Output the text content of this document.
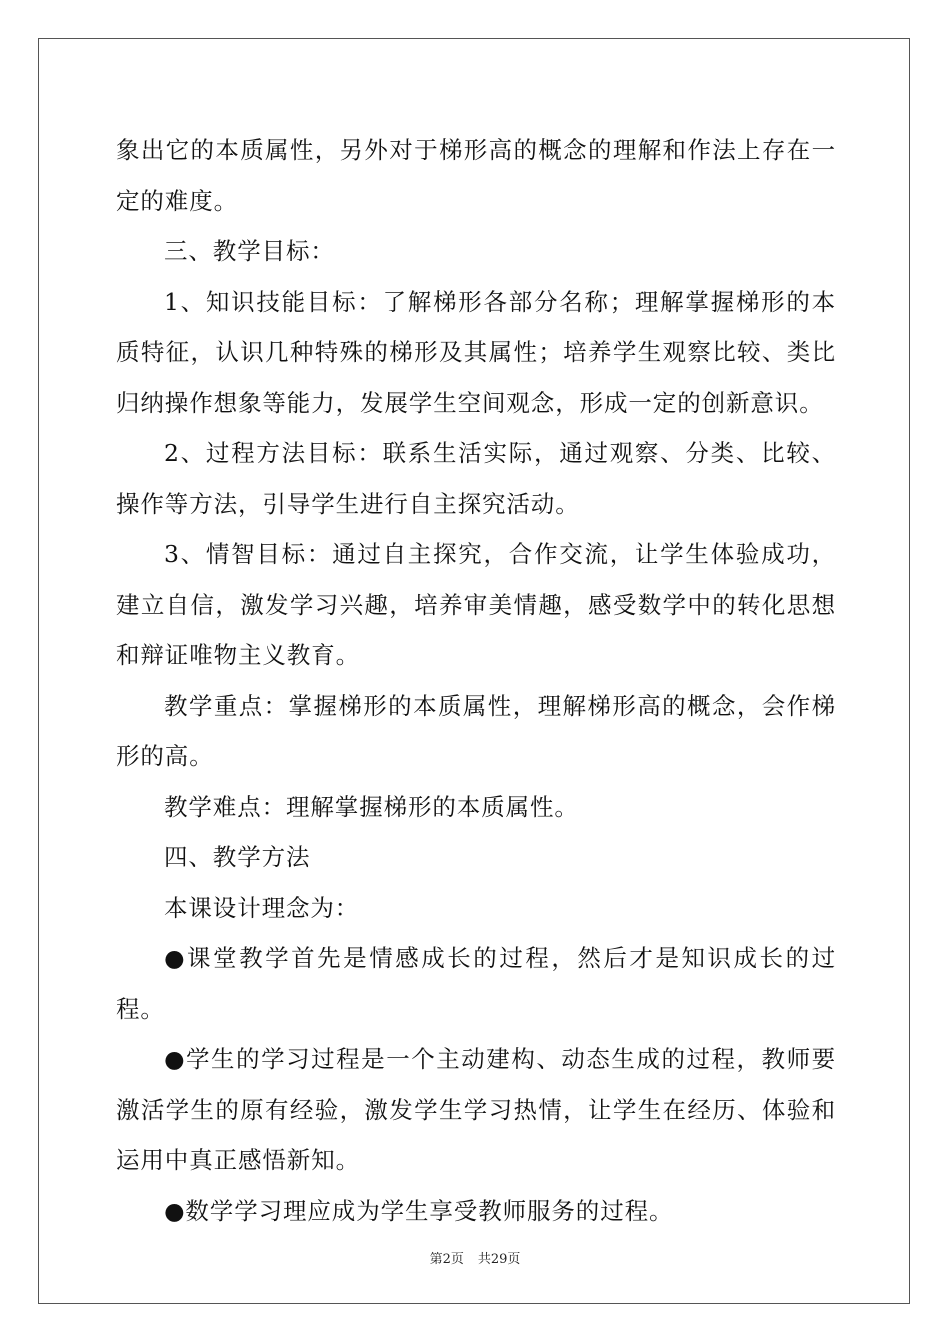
象出它的本质属性，另外对于梯形高的概念的理解和作法上存在一定的难度。

三、教学目标：

1、知识技能目标：了解梯形各部分名称；理解掌握梯形的本质特征，认识几种特殊的梯形及其属性；培养学生观察比较、类比归纳操作想象等能力，发展学生空间观念，形成一定的创新意识。

2、过程方法目标：联系生活实际，通过观察、分类、比较、操作等方法，引导学生进行自主探究活动。

3、情智目标：通过自主探究，合作交流，让学生体验成功，建立自信，激发学习兴趣，培养审美情趣，感受数学中的转化思想和辩证唯物主义教育。

教学重点：掌握梯形的本质属性，理解梯形高的概念，会作梯形的高。

教学难点：理解掌握梯形的本质属性。

四、教学方法

本课设计理念为：

●课堂教学首先是情感成长的过程，然后才是知识成长的过程。

●学生的学习过程是一个主动建构、动态生成的过程，教师要激活学生的原有经验，激发学生学习热情，让学生在经历、体验和运用中真正感悟新知。

●数学学习理应成为学生享受教师服务的过程。

第2页 共29页
